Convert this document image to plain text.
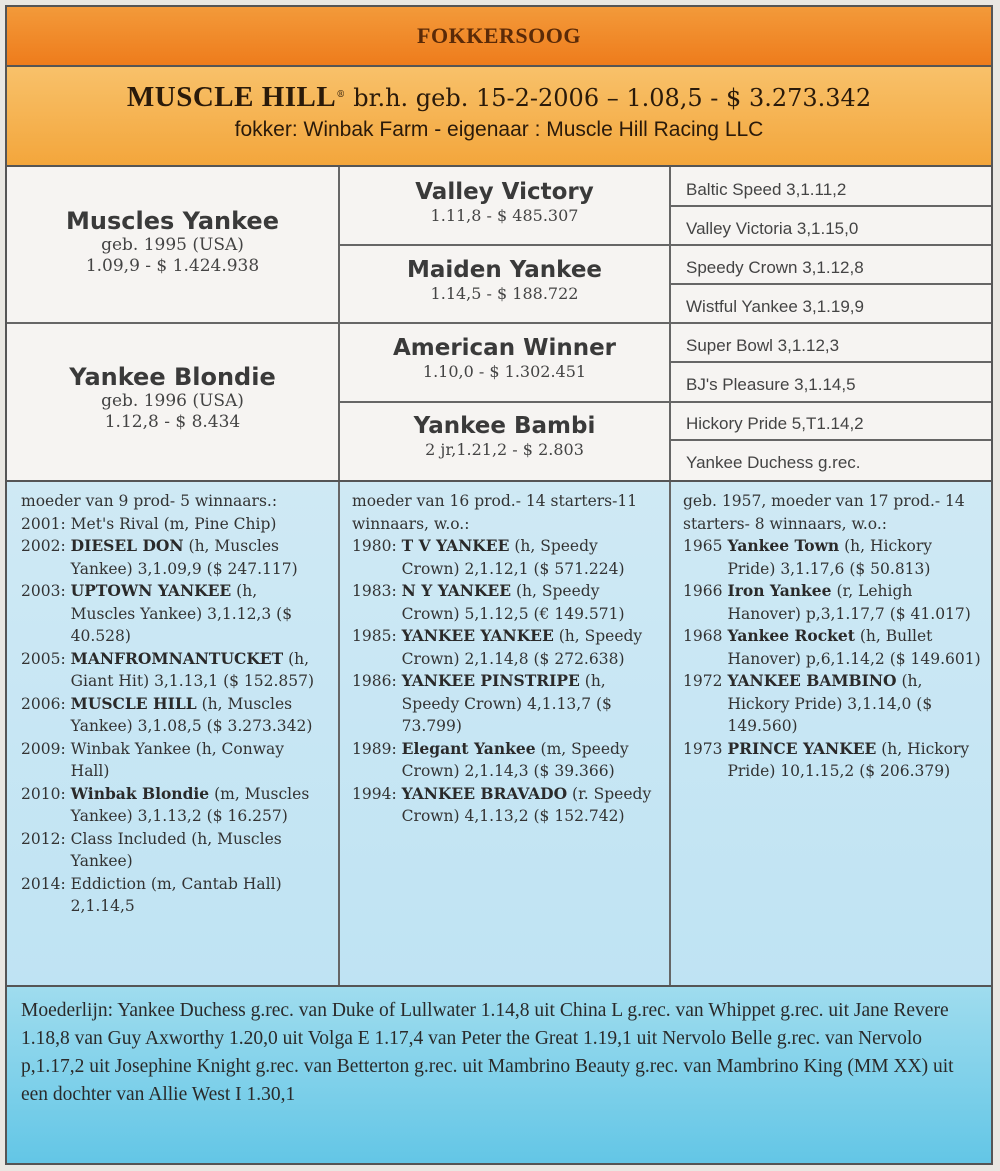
FOKKERSOOG
MUSCLE HILL® br.h. geb. 15-2-2006 – 1.08,5 - $ 3.273.342
fokker: Winbak Farm - eigenaar : Muscle Hill Racing LLC
Muscles Yankee
geb. 1995 (USA)
1.09,9 - $ 1.424.938
Yankee Blondie
geb. 1996 (USA)
1.12,8 - $ 8.434
Valley Victory
1.11,8 - $ 485.307
Maiden Yankee
1.14,5 - $ 188.722
American Winner
1.10,0 - $ 1.302.451
Yankee Bambi
2 jr,1.21,2 - $ 2.803
Baltic Speed 3,1.11,2
Valley Victoria 3,1.15,0
Speedy Crown 3,1.12,8
Wistful Yankee 3,1.19,9
Super Bowl 3,1.12,3
BJ's Pleasure 3,1.14,5
Hickory Pride 5,T1.14,2
Yankee Duchess g.rec.
moeder van 9 prod- 5 winnaars.:
2001: Met's Rival (m, Pine Chip)
2002: DIESEL DON (h, Muscles Yankee) 3,1.09,9 ($ 247.117)
2003: UPTOWN YANKEE (h, Muscles Yankee) 3,1.12,3 ($ 40.528)
2005: MANFROMNANTUCKET (h, Giant Hit) 3,1.13,1 ($ 152.857)
2006: MUSCLE HILL (h, Muscles Yankee) 3,1.08,5 ($ 3.273.342)
2009: Winbak Yankee (h, Conway Hall)
2010: Winbak Blondie (m, Muscles Yankee) 3,1.13,2 ($ 16.257)
2012: Class Included (h, Muscles Yankee)
2014: Eddiction (m, Cantab Hall) 2,1.14,5
moeder van 16 prod.- 14 starters-11 winnaars, w.o.:
1980: T V YANKEE (h, Speedy Crown) 2,1.12,1 ($ 571.224)
1983: N Y YANKEE (h, Speedy Crown) 5,1.12,5 (€ 149.571)
1985: YANKEE YANKEE (h, Speedy Crown) 2,1.14,8 ($ 272.638)
1986: YANKEE PINSTRIPE (h, Speedy Crown) 4,1.13,7 ($ 73.799)
1989: Elegant Yankee (m, Speedy Crown) 2,1.14,3 ($ 39.366)
1994: YANKEE BRAVADO (r. Speedy Crown) 4,1.13,2 ($ 152.742)
geb. 1957, moeder van 17 prod.- 14 starters- 8 winnaars, w.o.:
1965 Yankee Town (h, Hickory Pride) 3,1.17,6 ($ 50.813)
1966 Iron Yankee (r, Lehigh Hanover) p,3,1.17,7 ($ 41.017)
1968 Yankee Rocket (h, Bullet Hanover) p,6,1.14,2 ($ 149.601)
1972 YANKEE BAMBINO (h, Hickory Pride) 3,1.14,0 ($ 149.560)
1973 PRINCE YANKEE (h, Hickory Pride) 10,1.15,2 ($ 206.379)

Moederlijn: Yankee Duchess g.rec. van Duke of Lullwater 1.14,8 uit China L g.rec. van Whippet g.rec. uit Jane Revere 1.18,8 van Guy Axworthy 1.20,0 uit Volga E 1.17,4 van Peter the Great 1.19,1 uit Nervolo Belle g.rec. van Nervolo p,1.17,2 uit Josephine Knight g.rec. van Betterton g.rec. uit Mambrino Beauty g.rec. van Mambrino King (MM XX) uit een dochter van Allie West I 1.30,1
